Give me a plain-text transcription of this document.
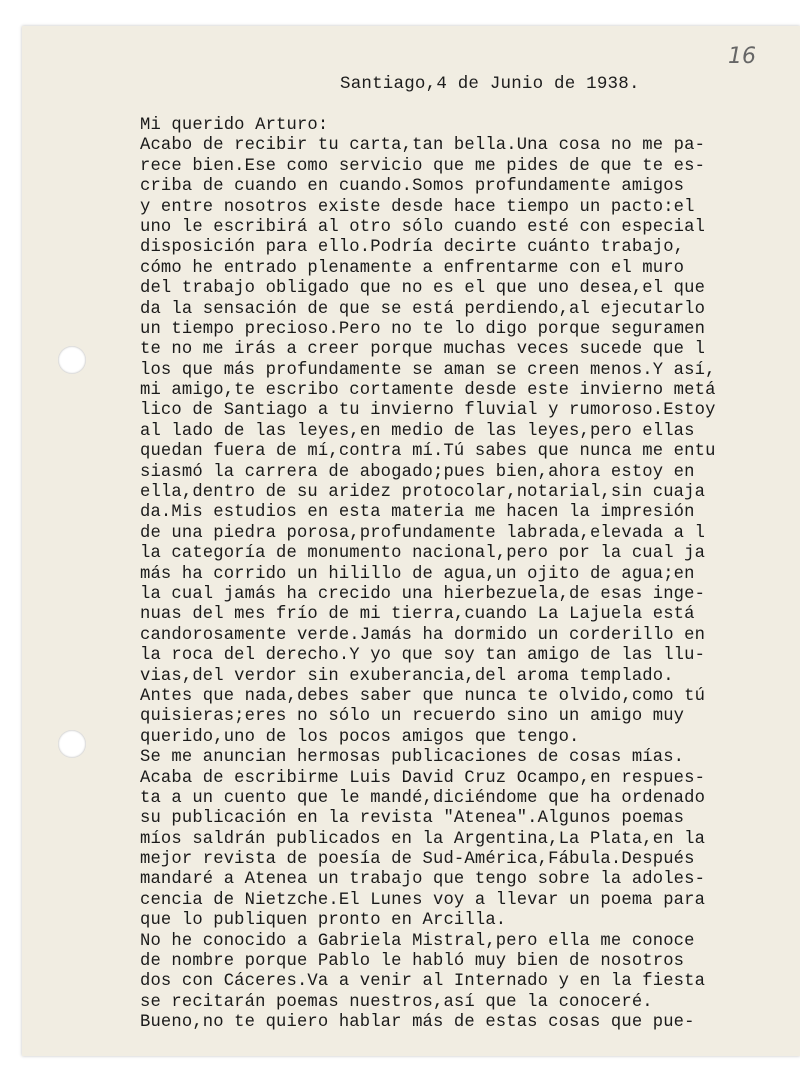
16
Santiago,4 de Junio de 1938.
Mi querido Arturo:
Acabo de recibir tu carta,tan bella.Una cosa no me pa-
rece bien.Ese como servicio que me pides de que te es-
criba de cuando en cuando.Somos profundamente amigos
y entre nosotros existe desde hace tiempo un pacto:el
uno le escribirá al otro sólo cuando esté con especial
disposición para ello.Podría decirte cuánto trabajo,
cómo he entrado plenamente a enfrentarme con el muro
del trabajo obligado que no es el que uno desea,el que
da la sensación de que se está perdiendo,al ejecutarlo
un tiempo precioso.Pero no te lo digo porque seguramen
te no me irás a creer porque muchas veces sucede que l
los que más profundamente se aman se creen menos.Y así,
mi amigo,te escribo cortamente desde este invierno metá
lico de Santiago a tu invierno fluvial y rumoroso.Estoy
al lado de las leyes,en medio de las leyes,pero ellas
quedan fuera de mí,contra mí.Tú sabes que nunca me entu
siasmó la carrera de abogado;pues bien,ahora estoy en
ella,dentro de su aridez protocolar,notarial,sin cuaja
da.Mis estudios en esta materia me hacen la impresión
de una piedra porosa,profundamente labrada,elevada a l
la categoría de monumento nacional,pero por la cual ja
más ha corrido un hilillo de agua,un ojito de agua;en
la cual jamás ha crecido una hierbezuela,de esas inge-
nuas del mes frío de mi tierra,cuando La Lajuela está
candorosamente verde.Jamás ha dormido un corderillo en
la roca del derecho.Y yo que soy tan amigo de las llu-
vias,del verdor sin exuberancia,del aroma templado.
Antes que nada,debes saber que nunca te olvido,como tú
quisieras;eres no sólo un recuerdo sino un amigo muy
querido,uno de los pocos amigos que tengo.
Se me anuncian hermosas publicaciones de cosas mías.
Acaba de escribirme Luis David Cruz Ocampo,en respues-
ta a un cuento que le mandé,diciéndome que ha ordenado
su publicación en la revista "Atenea".Algunos poemas
míos saldrán publicados en la Argentina,La Plata,en la
mejor revista de poesía de Sud-América,Fábula.Después
mandaré a Atenea un trabajo que tengo sobre la adoles-
cencia de Nietzche.El Lunes voy a llevar un poema para
que lo publiquen pronto en Arcilla.
No he conocido a Gabriela Mistral,pero ella me conoce
de nombre porque Pablo le habló muy bien de nosotros
dos con Cáceres.Va a venir al Internado y en la fiesta
se recitarán poemas nuestros,así que la conoceré.
Bueno,no te quiero hablar más de estas cosas que pue-
